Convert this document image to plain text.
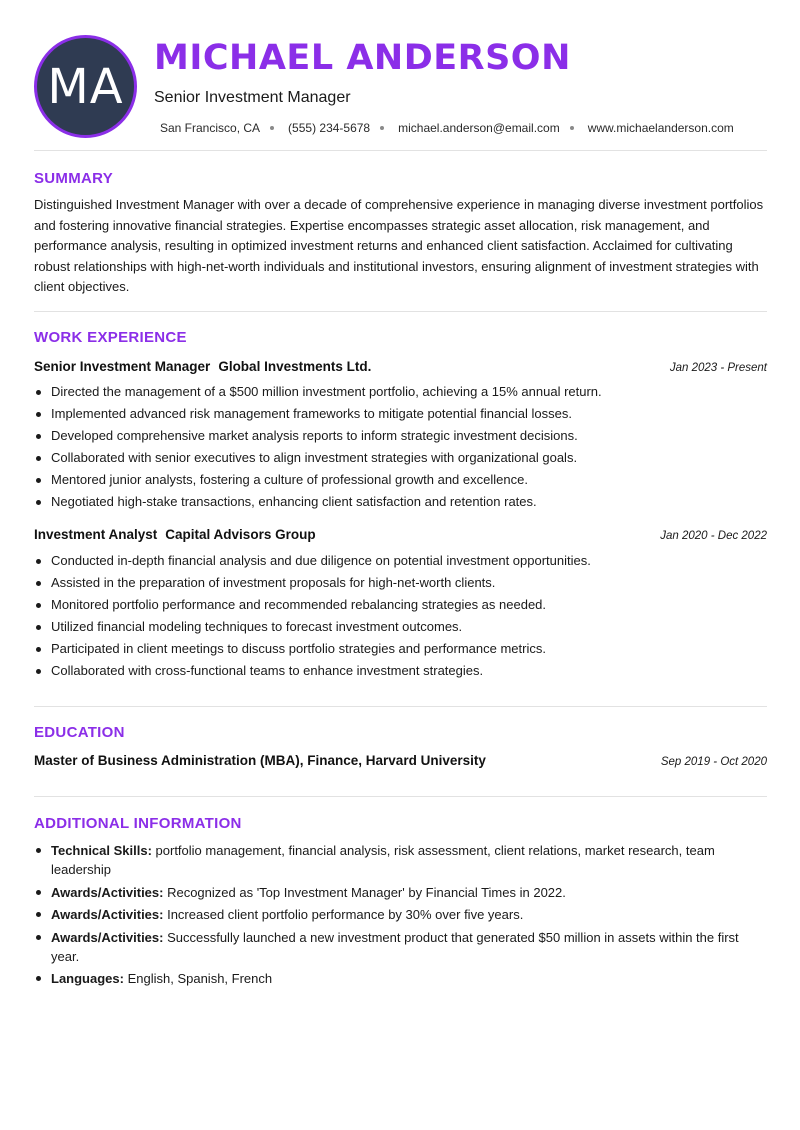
MA
MICHAEL ANDERSON
Senior Investment Manager
San Francisco, CA (555) 234-5678 michael.anderson@email.com www.michaelanderson.com
SUMMARY
Distinguished Investment Manager with over a decade of comprehensive experience in managing diverse investment portfolios and fostering innovative financial strategies. Expertise encompasses strategic asset allocation, risk management, and performance analysis, resulting in optimized investment returns and enhanced client satisfaction. Acclaimed for cultivating robust relationships with high-net-worth individuals and institutional investors, ensuring alignment of investment strategies with client objectives.
WORK EXPERIENCE
Senior Investment Manager Global Investments Ltd.	Jan 2023 - Present
Directed the management of a $500 million investment portfolio, achieving a 15% annual return.
Implemented advanced risk management frameworks to mitigate potential financial losses.
Developed comprehensive market analysis reports to inform strategic investment decisions.
Collaborated with senior executives to align investment strategies with organizational goals.
Mentored junior analysts, fostering a culture of professional growth and excellence.
Negotiated high-stake transactions, enhancing client satisfaction and retention rates.
Investment Analyst Capital Advisors Group	Jan 2020 - Dec 2022
Conducted in-depth financial analysis and due diligence on potential investment opportunities.
Assisted in the preparation of investment proposals for high-net-worth clients.
Monitored portfolio performance and recommended rebalancing strategies as needed.
Utilized financial modeling techniques to forecast investment outcomes.
Participated in client meetings to discuss portfolio strategies and performance metrics.
Collaborated with cross-functional teams to enhance investment strategies.
EDUCATION
Master of Business Administration (MBA), Finance, Harvard University	Sep 2019 - Oct 2020
ADDITIONAL INFORMATION
Technical Skills: portfolio management, financial analysis, risk assessment, client relations, market research, team leadership
Awards/Activities: Recognized as 'Top Investment Manager' by Financial Times in 2022.
Awards/Activities: Increased client portfolio performance by 30% over five years.
Awards/Activities: Successfully launched a new investment product that generated $50 million in assets within the first year.
Languages: English, Spanish, French
